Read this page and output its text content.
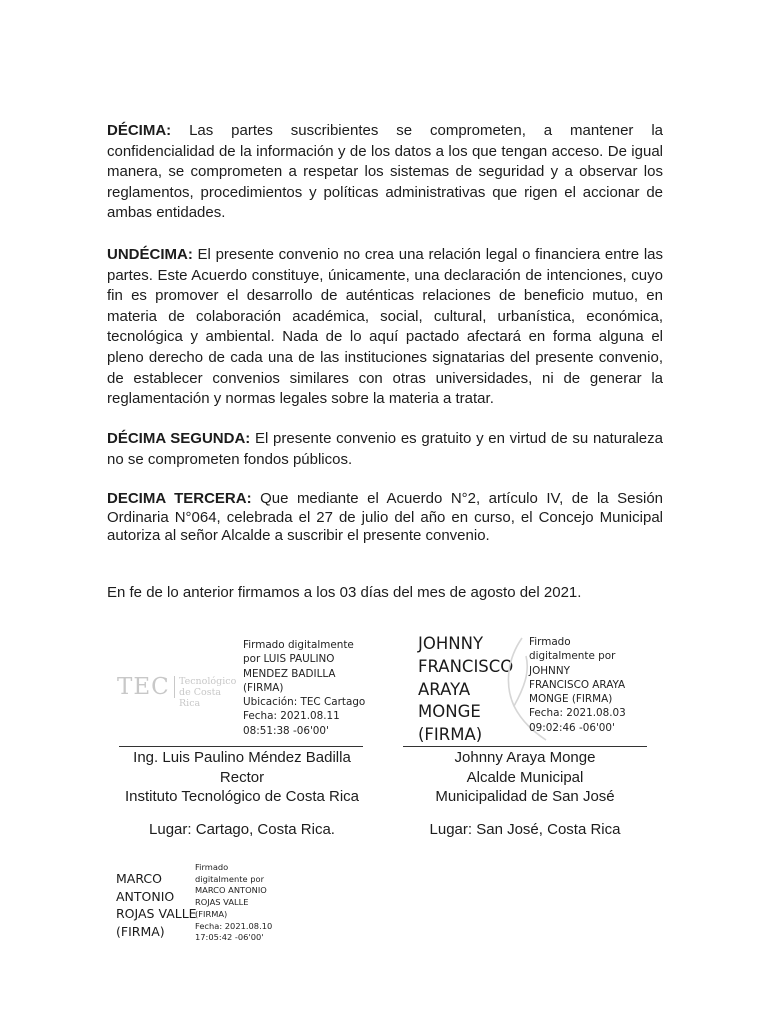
DÉCIMA: Las partes suscribientes se comprometen, a mantener la confidencialidad de la información y de los datos a los que tengan acceso. De igual manera, se comprometen a respetar los sistemas de seguridad y a observar los reglamentos, procedimientos y políticas administrativas que rigen el accionar de ambas entidades.

UNDÉCIMA: El presente convenio no crea una relación legal o financiera entre las partes. Este Acuerdo constituye, únicamente, una declaración de intenciones, cuyo fin es promover el desarrollo de auténticas relaciones de beneficio mutuo, en materia de colaboración académica, social, cultural, urbanística, económica, tecnológica y ambiental. Nada de lo aquí pactado afectará en forma alguna el pleno derecho de cada una de las instituciones signatarias del presente convenio, de establecer convenios similares con otras universidades, ni de generar la reglamentación y normas legales sobre la materia a tratar.

DÉCIMA SEGUNDA: El presente convenio es gratuito y en virtud de su naturaleza no se comprometen fondos públicos.

DECIMA TERCERA: Que mediante el Acuerdo N°2, artículo IV, de la Sesión Ordinaria N°064, celebrada el 27 de julio del año en curso, el Concejo Municipal autoriza al señor Alcalde a suscribir el presente convenio.

En fe de lo anterior firmamos a los 03 días del mes de agosto del 2021.

TEC Tecnológico
de Costa Rica
Firmado digitalmente
por LUIS PAULINO
MENDEZ BADILLA
(FIRMA)
Ubicación: TEC Cartago
Fecha: 2021.08.11
08:51:38 -06'00'
Ing. Luis Paulino Méndez Badilla
Rector
Instituto Tecnológico de Costa Rica
Lugar: Cartago, Costa Rica.
JOHNNY
FRANCISCO
ARAYA
MONGE
(FIRMA)
Firmado
digitalmente por
JOHNNY
FRANCISCO ARAYA
MONGE (FIRMA)
Fecha: 2021.08.03
09:02:46 -06'00'
Johnny Araya Monge
Alcalde Municipal
Municipalidad de San José
Lugar: San José, Costa Rica
MARCO
ANTONIO
ROJAS VALLE
(FIRMA)
Firmado
digitalmente por
MARCO ANTONIO
ROJAS VALLE
(FIRMA)
Fecha: 2021.08.10
17:05:42 -06'00'
